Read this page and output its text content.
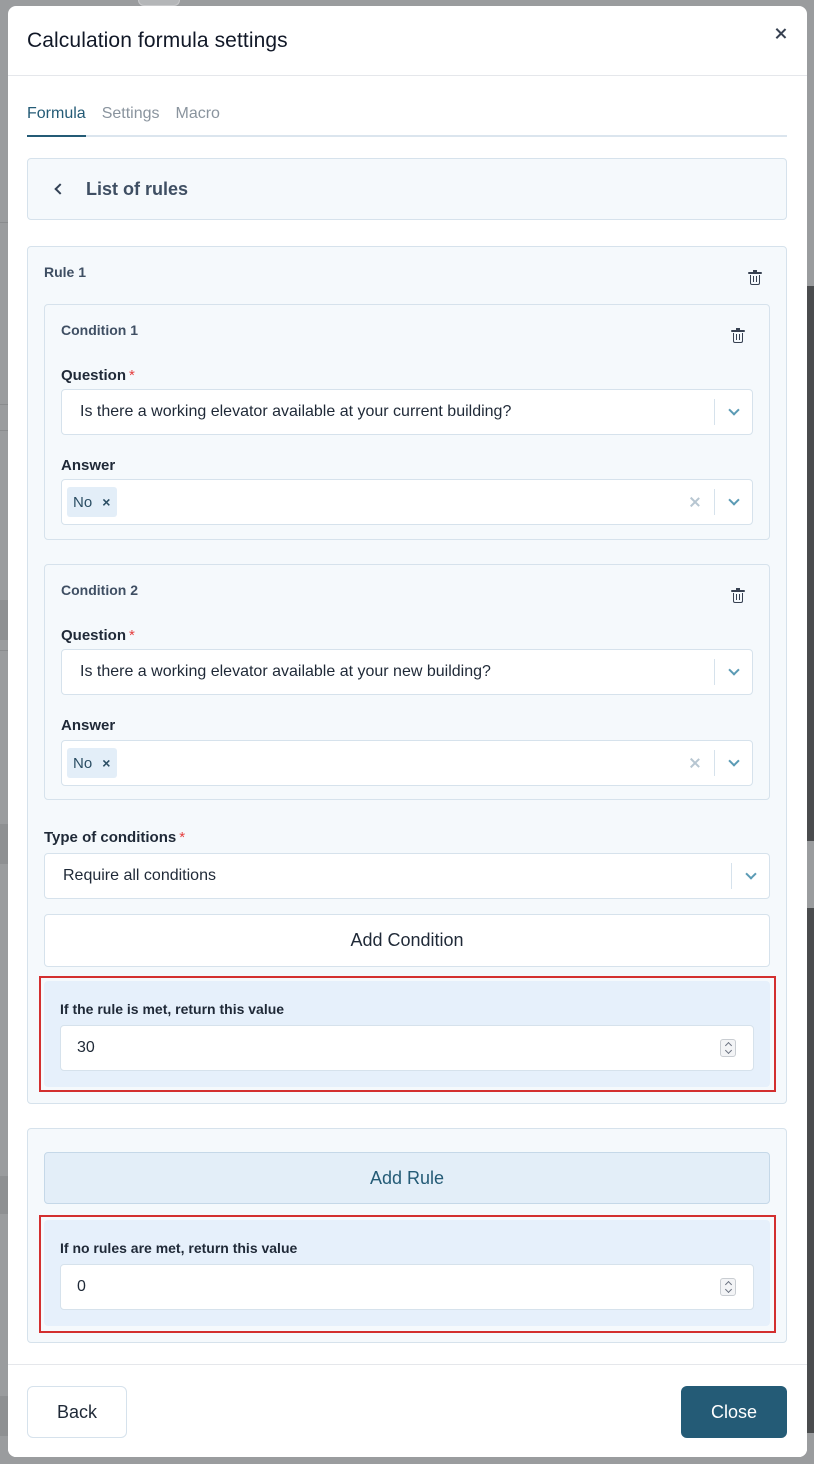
Calculation formula settings
Formula Settings Macro
List of rules
Rule 1
Condition 1
Question *
Is there a working elevator available at your current building?
Answer
No ×
Condition 2
Question *
Is there a working elevator available at your new building?
Answer
No ×
Type of conditions *
Require all conditions
Add Condition
If the rule is met, return this value
30
Add Rule
If no rules are met, return this value
0
Back	Close
